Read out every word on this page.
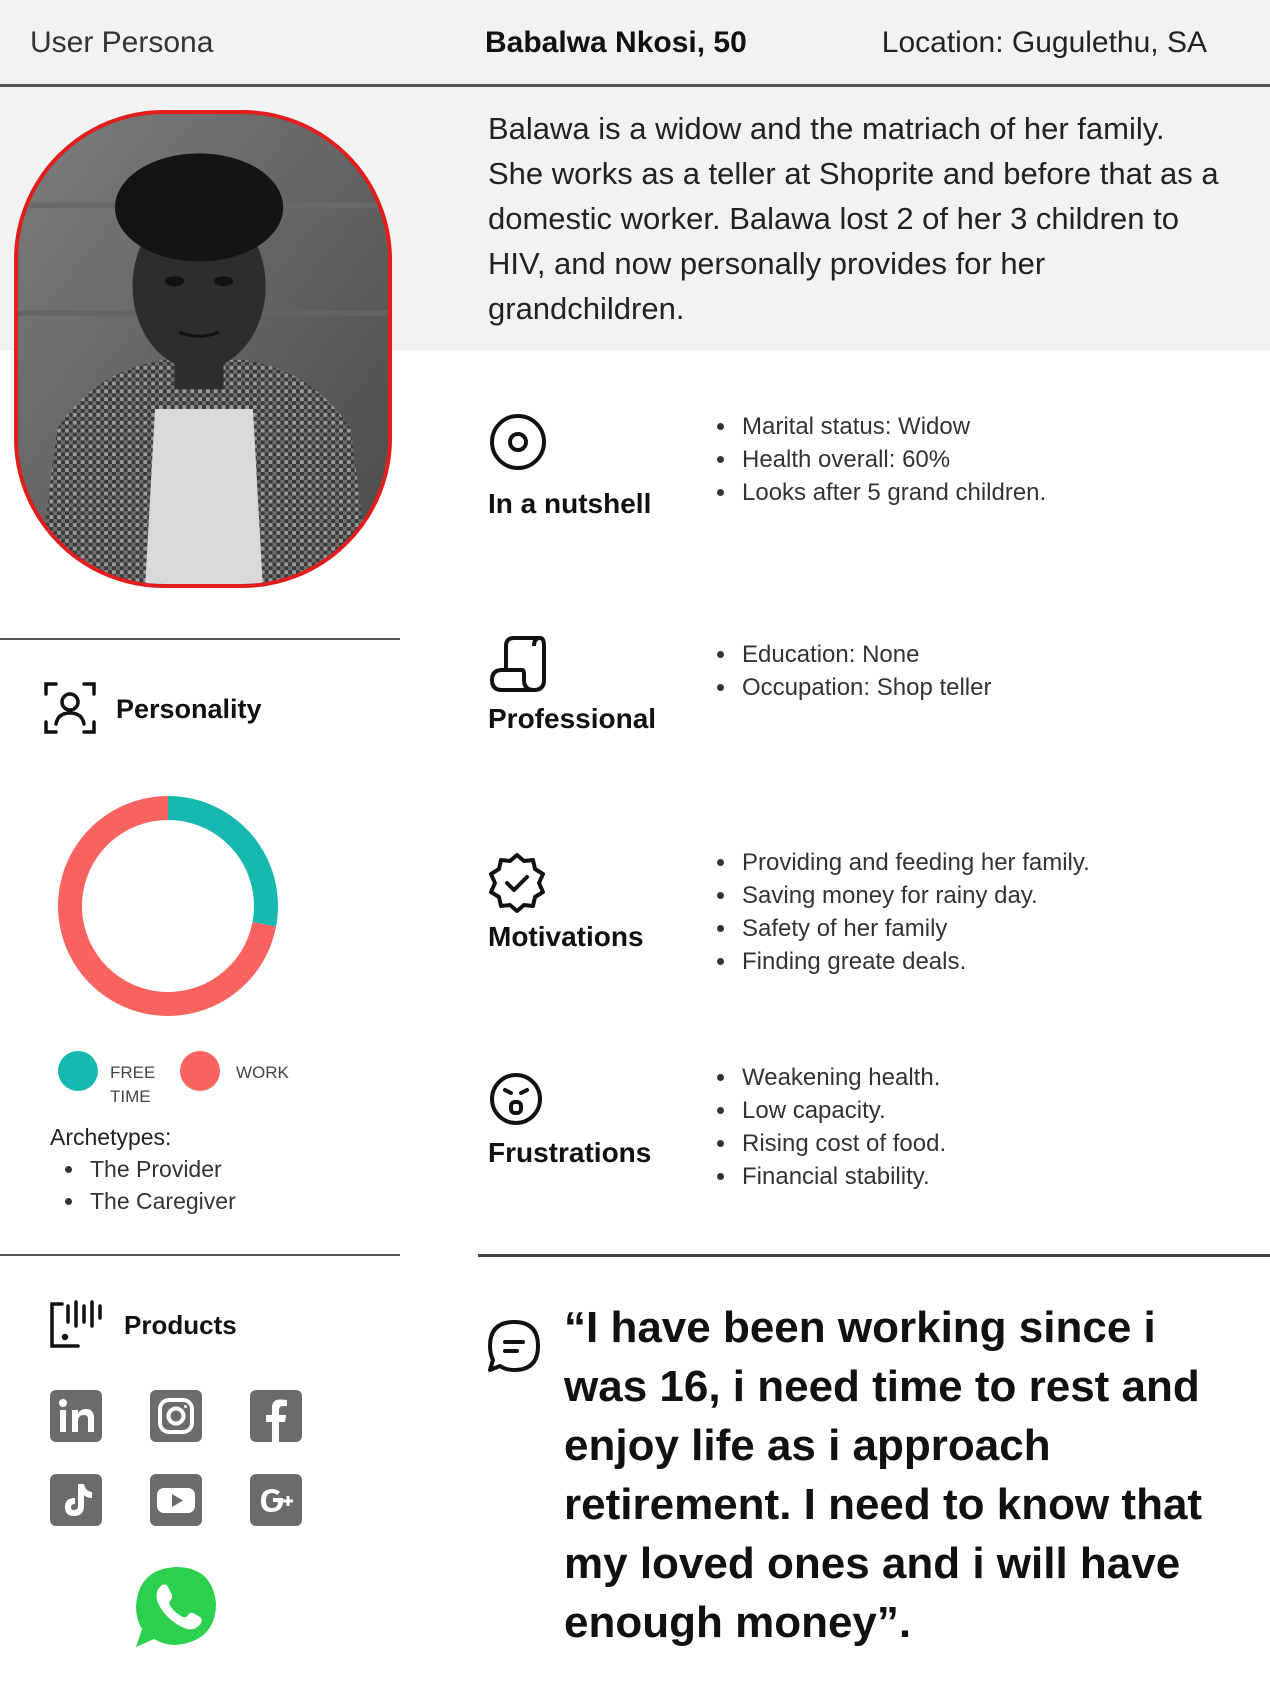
User Persona	Babalwa Nkosi, 50	Location: Gugulethu, SA
Balawa is a widow and the matriach of her family. She works as a teller at Shoprite and before that as a domestic worker. Balawa lost 2 of her 3 children to HIV, and now personally provides for her grandchildren.
Personality
FREE
TIME
WORK
Archetypes:
• The Provider
• The Caregiver
Products
In a nutshell
• Marital status: Widow
• Health overall: 60%
• Looks after 5 grand children.
Professional
• Education: None
• Occupation: Shop teller
Motivations
• Providing and feeding her family.
• Saving money for rainy day.
• Safety of her family
• Finding greate deals.
Frustrations
• Weakening health.
• Low capacity.
• Rising cost of food.
• Financial stability.
“I have been working since i was 16, i need time to rest and enjoy life as i approach retirement. I need to know that my loved ones and i will have enough money”.
